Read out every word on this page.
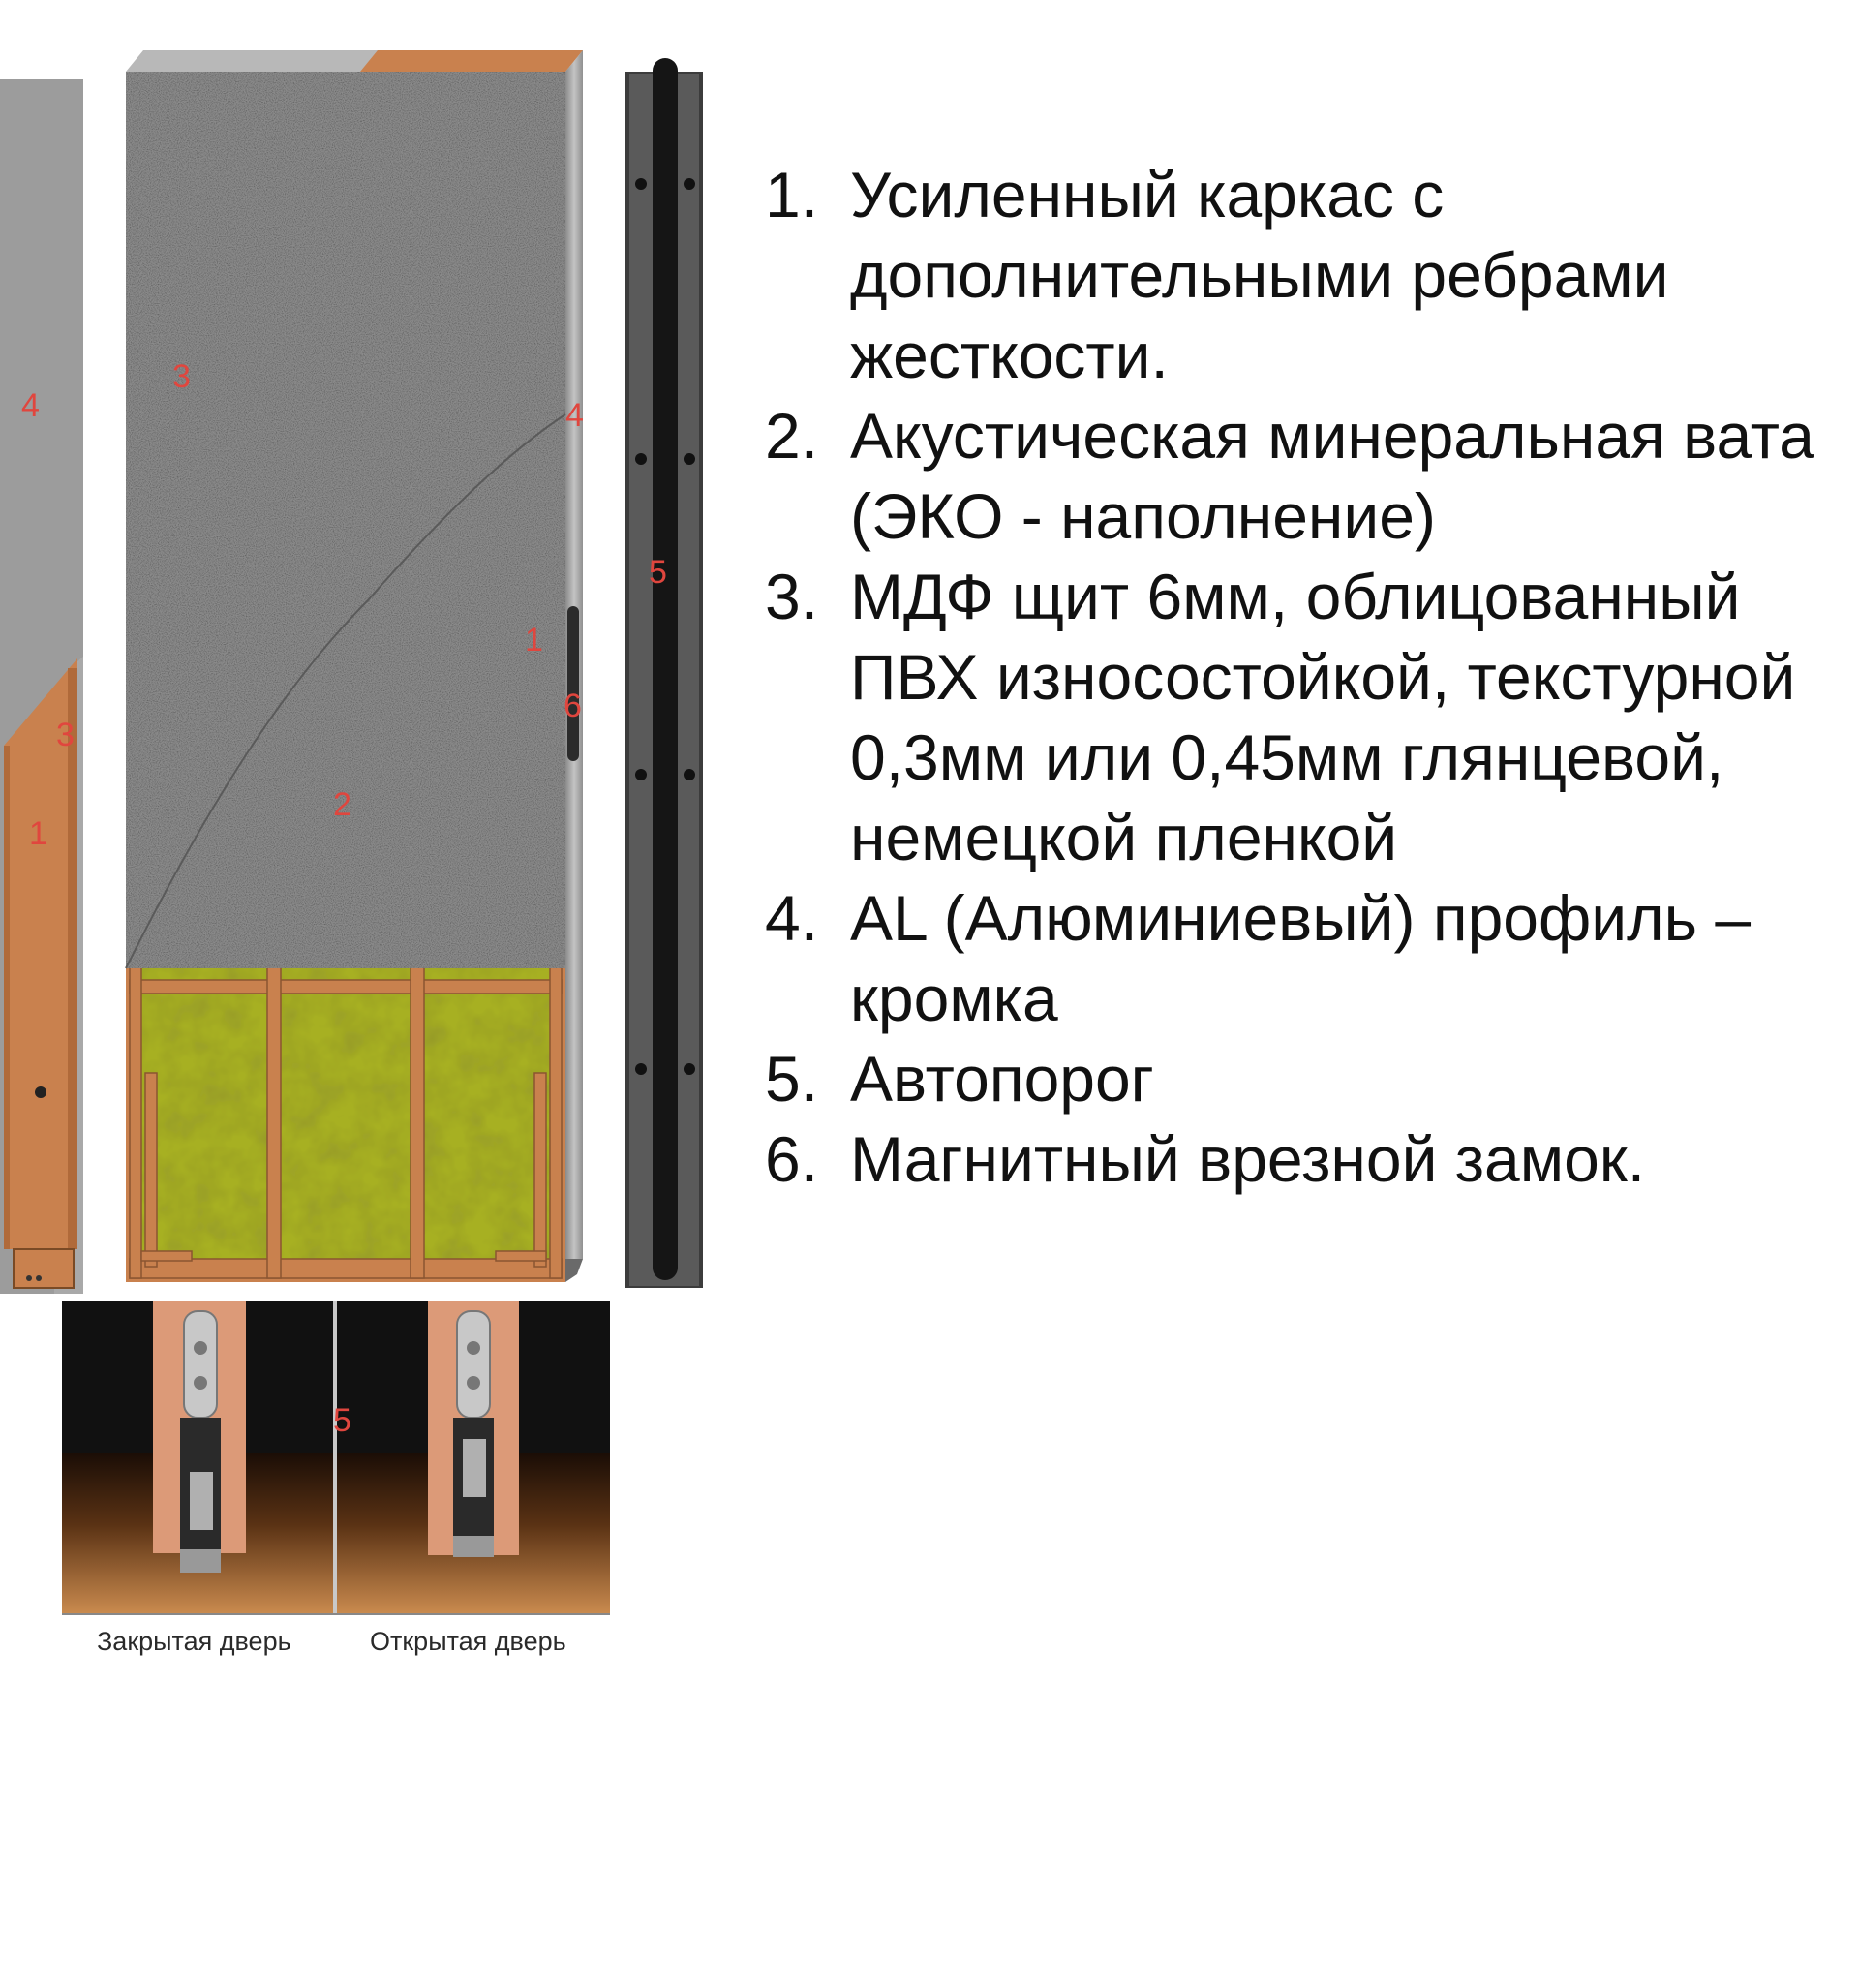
Закрытая дверь	Открытая дверь
4
3
4
5
1
6
2
3
1
5
1. Усиленный каркас с дополнительными ребрами жесткости.
2. Акустическая минеральная вата (ЭКО - наполнение)
3. МДФ щит 6мм, облицованный ПВХ износостойкой, текстурной 0,3мм или 0,45мм глянцевой, немецкой пленкой
4. AL (Алюминиевый) профиль – кромка
5. Автопорог
6. Магнитный врезной замок.
